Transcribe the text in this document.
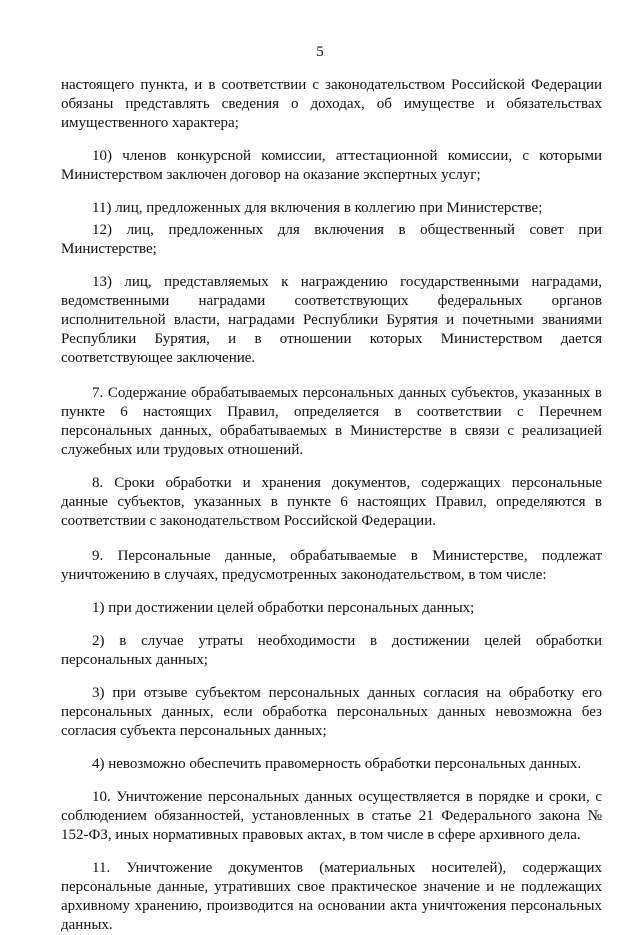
5

настоящего пункта, и в соответствии с законодательством Российской Федерации обязаны представлять сведения о доходах, об имуществе и обязательствах имущественного характера;

10) членов конкурсной комиссии, аттестационной комиссии, с которыми Министерством заключен договор на оказание экспертных услуг;

11) лиц, предложенных для включения в коллегию при Министерстве;

12) лиц, предложенных для включения в общественный совет при Министерстве;

13) лиц, представляемых к награждению государственными наградами, ведомственными наградами соответствующих федеральных органов исполнительной власти, наградами Республики Бурятия и почетными званиями Республики Бурятия, и в отношении которых Министерством дается соответствующее заключение.

7. Содержание обрабатываемых персональных данных субъектов, указанных в пункте 6 настоящих Правил, определяется в соответствии с Перечнем персональных данных, обрабатываемых в Министерстве в связи с реализацией служебных или трудовых отношений.

8. Сроки обработки и хранения документов, содержащих персональные данные субъектов, указанных в пункте 6 настоящих Правил, определяются в соответствии с законодательством Российской Федерации.

9. Персональные данные, обрабатываемые в Министерстве, подлежат уничтожению в случаях, предусмотренных законодательством, в том числе:

1) при достижении целей обработки персональных данных;

2) в случае утраты необходимости в достижении целей обработки персональных данных;

3) при отзыве субъектом персональных данных согласия на обработку его персональных данных, если обработка персональных данных невозможна без согласия субъекта персональных данных;

4) невозможно обеспечить правомерность обработки персональных данных.

10. Уничтожение персональных данных осуществляется в порядке и сроки, с соблюдением обязанностей, установленных в статье 21 Федерального закона № 152-ФЗ, иных нормативных правовых актах, в том числе в сфере архивного дела.

11. Уничтожение документов (материальных носителей), содержащих персональные данные, утративших свое практическое значение и не подлежащих архивному хранению, производится на основании акта уничтожения персональных данных.
